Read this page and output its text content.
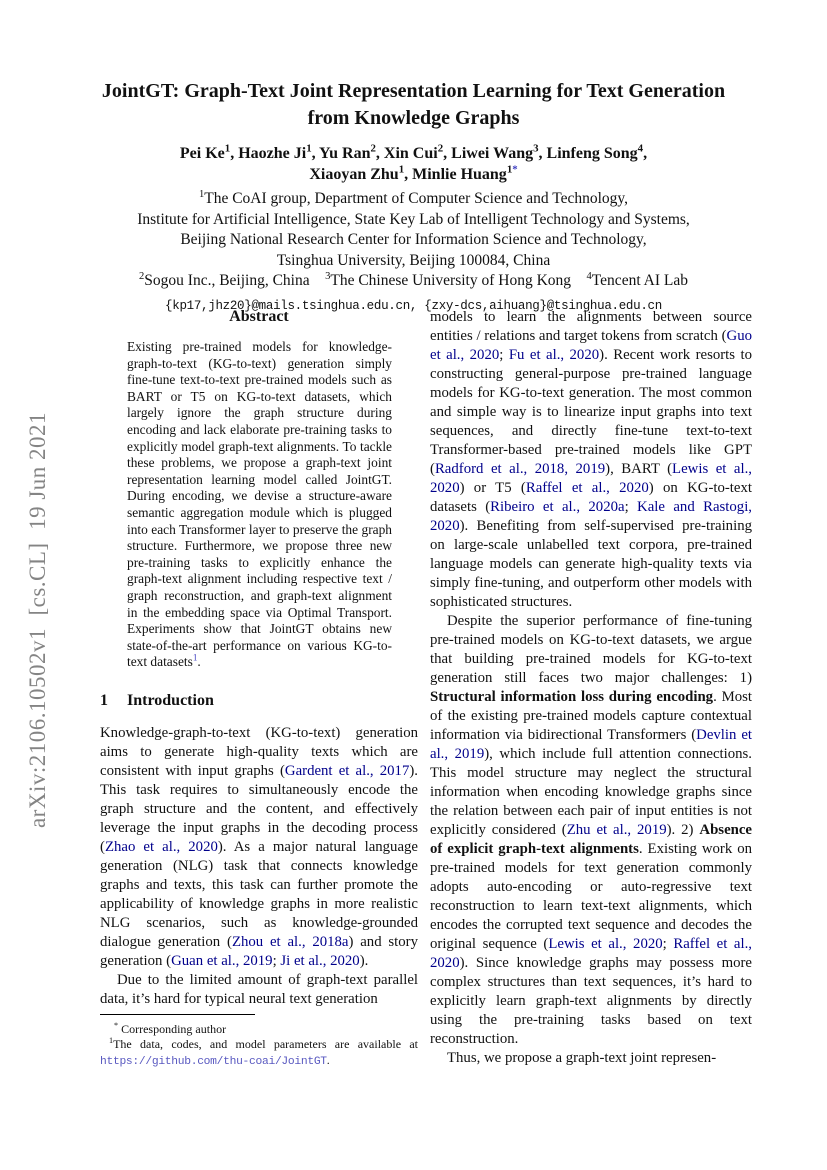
arXiv:2106.10502v1  [cs.CL]  19 Jun 2021
JointGT: Graph-Text Joint Representation Learning for Text Generation
from Knowledge Graphs
Pei Ke$^1$, Haozhe Ji$^1$, Yu Ran$^2$, Xin Cui$^2$, Liwei Wang$^3$, Linfeng Song$^4$,
Xiaoyan Zhu$^1$, Minlie Huang$^{1*}$
$^1$The CoAI group, Department of Computer Science and Technology,
Institute for Artificial Intelligence, State Key Lab of Intelligent Technology and Systems,
Beijing National Research Center for Information Science and Technology,
Tsinghua University, Beijing 100084, China
$^2$Sogou Inc., Beijing, China $^3$The Chinese University of Hong Kong $^4$Tencent AI Lab
{kp17,jhz20}@mails.tsinghua.edu.cn, {zxy-dcs,aihuang}@tsinghua.edu.cn
Abstract
Existing pre-trained models for knowledge-graph-to-text (KG-to-text) generation simply fine-tune text-to-text pre-trained models such as BART or T5 on KG-to-text datasets, which largely ignore the graph structure during encoding and lack elaborate pre-training tasks to explicitly model graph-text alignments. To tackle these problems, we propose a graph-text joint representation learning model called JointGT. During encoding, we devise a structure-aware semantic aggregation module which is plugged into each Transformer layer to preserve the graph structure. Furthermore, we propose three new pre-training tasks to explicitly enhance the graph-text alignment including respective text / graph reconstruction, and graph-text alignment in the embedding space via Optimal Transport. Experiments show that JointGT obtains new state-of-the-art performance on various KG-to-text datasets$^1$.
1 Introduction
Knowledge-graph-to-text (KG-to-text) generation aims to generate high-quality texts which are consistent with input graphs (Gardent et al., 2017). This task requires to simultaneously encode the graph structure and the content, and effectively leverage the input graphs in the decoding process (Zhao et al., 2020). As a major natural language generation (NLG) task that connects knowledge graphs and texts, this task can further promote the applicability of knowledge graphs in more realistic NLG scenarios, such as knowledge-grounded dialogue generation (Zhou et al., 2018a) and story generation (Guan et al., 2019; Ji et al., 2020).
Due to the limited amount of graph-text parallel data, it’s hard for typical neural text generation
* Corresponding author
$^1$The data, codes, and model parameters are available at https://github.com/thu-coai/JointGT.
models to learn the alignments between source entities / relations and target tokens from scratch (Guo et al., 2020; Fu et al., 2020). Recent work resorts to constructing general-purpose pre-trained language models for KG-to-text generation. The most common and simple way is to linearize input graphs into text sequences, and directly fine-tune text-to-text Transformer-based pre-trained models like GPT (Radford et al., 2018, 2019), BART (Lewis et al., 2020) or T5 (Raffel et al., 2020) on KG-to-text datasets (Ribeiro et al., 2020a; Kale and Rastogi, 2020). Benefiting from self-supervised pre-training on large-scale unlabelled text corpora, pre-trained language models can generate high-quality texts via simply fine-tuning, and outperform other models with sophisticated structures.
Despite the superior performance of fine-tuning pre-trained models on KG-to-text datasets, we argue that building pre-trained models for KG-to-text generation still faces two major challenges: 1) Structural information loss during encoding. Most of the existing pre-trained models capture contextual information via bidirectional Transformers (Devlin et al., 2019), which include full attention connections. This model structure may neglect the structural information when encoding knowledge graphs since the relation between each pair of input entities is not explicitly considered (Zhu et al., 2019). 2) Absence of explicit graph-text alignments. Existing work on pre-trained models for text generation commonly adopts auto-encoding or auto-regressive text reconstruction to learn text-text alignments, which encodes the corrupted text sequence and decodes the original sequence (Lewis et al., 2020; Raffel et al., 2020). Since knowledge graphs may possess more complex structures than text sequences, it’s hard to explicitly learn graph-text alignments by directly using the pre-training tasks based on text reconstruction.
Thus, we propose a graph-text joint represen-
